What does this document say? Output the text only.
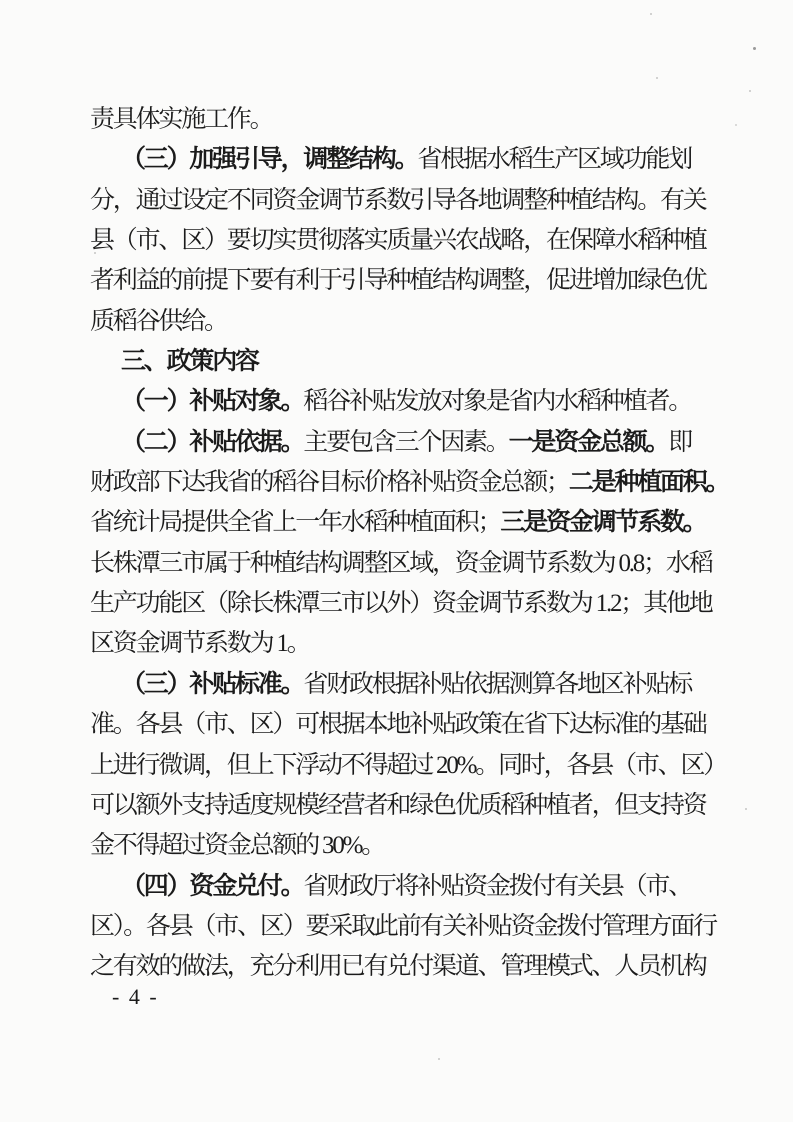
责具体实施工作。
（三）加强引导，调整结构。省根据水稻生产区域功能划
分，通过设定不同资金调节系数引导各地调整种植结构。有关
县（市、区）要切实贯彻落实质量兴农战略，在保障水稻种植
者利益的前提下要有利于引导种植结构调整，促进增加绿色优
质稻谷供给。
三、政策内容
（一）补贴对象。稻谷补贴发放对象是省内水稻种植者。
（二）补贴依据。主要包含三个因素。一是资金总额。即
财政部下达我省的稻谷目标价格补贴资金总额；二是种植面积。
省统计局提供全省上一年水稻种植面积；三是资金调节系数。
长株潭三市属于种植结构调整区域，资金调节系数为 0.8；水稻
生产功能区（除长株潭三市以外）资金调节系数为 1.2；其他地
区资金调节系数为 1。
（三）补贴标准。省财政根据补贴依据测算各地区补贴标
准。各县（市、区）可根据本地补贴政策在省下达标准的基础
上进行微调，但上下浮动不得超过 20%。同时，各县（市、区）
可以额外支持适度规模经营者和绿色优质稻种植者，但支持资
金不得超过资金总额的 30%。
（四）资金兑付。省财政厅将补贴资金拨付有关县（市、
区）。各县（市、区）要采取此前有关补贴资金拨付管理方面行
之有效的做法，充分利用已有兑付渠道、管理模式、人员机构
- 4 -
